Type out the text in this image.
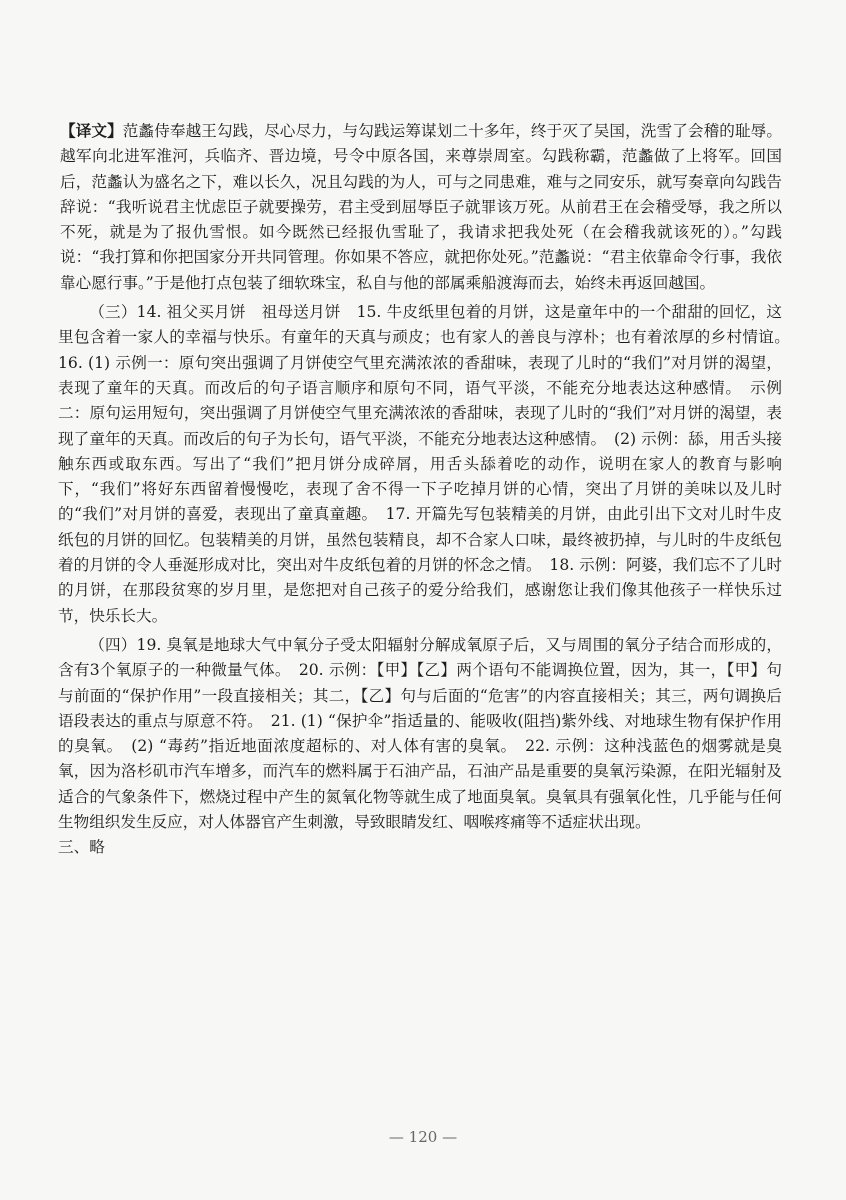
【译文】范蠡侍奉越王勾践，尽心尽力，与勾践运筹谋划二十多年，终于灭了吴国，洗雪了会稽的耻辱。越军向北进军淮河，兵临齐、晋边境，号令中原各国，来尊崇周室。勾践称霸，范蠡做了上将军。回国后，范蠡认为盛名之下，难以长久，况且勾践的为人，可与之同患难，难与之同安乐，就写奏章向勾践告辞说：“我听说君主忧虑臣子就要操劳，君主受到屈辱臣子就罪该万死。从前君王在会稽受辱，我之所以不死，就是为了报仇雪恨。如今既然已经报仇雪耻了，我请求把我处死（在会稽我就该死的）。”勾践说：“我打算和你把国家分开共同管理。你如果不答应，就把你处死。”范蠡说：“君主依靠命令行事，我依靠心愿行事。”于是他打点包装了细软珠宝，私自与他的部属乘船渡海而去，始终未再返回越国。

（三）14. 祖父买月饼　祖母送月饼　15. 牛皮纸里包着的月饼，这是童年中的一个甜甜的回忆，这里包含着一家人的幸福与快乐。有童年的天真与顽皮；也有家人的善良与淳朴；也有着浓厚的乡村情谊。　16. (1) 示例一：原句突出强调了月饼使空气里充满浓浓的香甜味，表现了儿时的“我们”对月饼的渴望，表现了童年的天真。而改后的句子语言顺序和原句不同，语气平淡，不能充分地表达这种感情。　示例二：原句运用短句，突出强调了月饼使空气里充满浓浓的香甜味，表现了儿时的“我们”对月饼的渴望，表现了童年的天真。而改后的句子为长句，语气平淡，不能充分地表达这种感情。　(2) 示例：舔，用舌头接触东西或取东西。写出了“我们”把月饼分成碎屑，用舌头舔着吃的动作，说明在家人的教育与影响下，“我们”将好东西留着慢慢吃，表现了舍不得一下子吃掉月饼的心情，突出了月饼的美味以及儿时的“我们”对月饼的喜爱，表现出了童真童趣。　17. 开篇先写包装精美的月饼，由此引出下文对儿时牛皮纸包的月饼的回忆。包装精美的月饼，虽然包装精良，却不合家人口味，最终被扔掉，与儿时的牛皮纸包着的月饼的令人垂涎形成对比，突出对牛皮纸包着的月饼的怀念之情。　18. 示例：阿婆，我们忘不了儿时的月饼，在那段贫寒的岁月里，是您把对自己孩子的爱分给我们，感谢您让我们像其他孩子一样快乐过节，快乐长大。

（四）19. 臭氧是地球大气中氧分子受太阳辐射分解成氧原子后，又与周围的氧分子结合而形成的，含有3个氧原子的一种微量气体。　20. 示例：【甲】【乙】两个语句不能调换位置，因为，其一，【甲】句与前面的“保护作用”一段直接相关；其二，【乙】句与后面的“危害”的内容直接相关；其三，两句调换后语段表达的重点与原意不符。　21. (1) “保护伞”指适量的、能吸收(阻挡)紫外线、对地球生物有保护作用的臭氧。　(2) “毒药”指近地面浓度超标的、对人体有害的臭氧。　22. 示例：这种浅蓝色的烟雾就是臭氧，因为洛杉矶市汽车增多，而汽车的燃料属于石油产品，石油产品是重要的臭氧污染源，在阳光辐射及适合的气象条件下，燃烧过程中产生的氮氧化物等就生成了地面臭氧。臭氧具有强氧化性，几乎能与任何生物组织发生反应，对人体器官产生刺激，导致眼睛发红、咽喉疼痛等不适症状出现。

三、略

— 120 —
